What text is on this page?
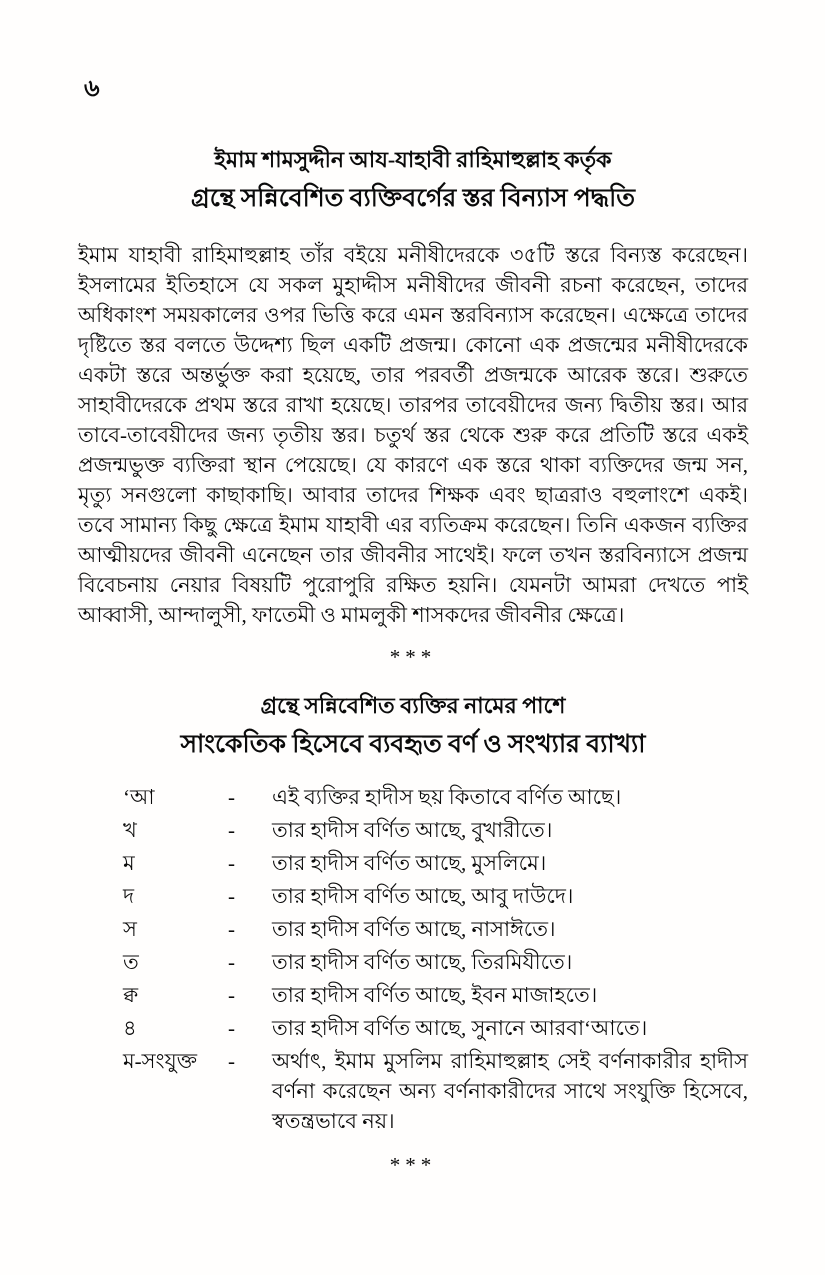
৬
ইমাম শামসুদ্দীন আয-যাহাবী রাহিমাহুল্লাহ কর্তৃক
গ্রন্থে সন্নিবেশিত ব্যক্তিবর্গের স্তর বিন্যাস পদ্ধতি

ইমাম যাহাবী রাহিমাহুল্লাহ তাঁর বইয়ে মনীষীদেরকে ৩৫টি স্তরে বিন্যস্ত করেছেন। ইসলামের ইতিহাসে যে সকল মুহাদ্দীস মনীষীদের জীবনী রচনা করেছেন, তাদের অধিকাংশ সময়কালের ওপর ভিত্তি করে এমন স্তরবিন্যাস করেছেন। এক্ষেত্রে তাদের দৃষ্টিতে স্তর বলতে উদ্দেশ্য ছিল একটি প্রজন্ম। কোনো এক প্রজন্মের মনীষীদেরকে একটা স্তরে অন্তর্ভুক্ত করা হয়েছে, তার পরবর্তী প্রজন্মকে আরেক স্তরে। শুরুতে সাহাবীদেরকে প্রথম স্তরে রাখা হয়েছে। তারপর তাবেয়ীদের জন্য দ্বিতীয় স্তর। আর তাবে-তাবেয়ীদের জন্য তৃতীয় স্তর। চতুর্থ স্তর থেকে শুরু করে প্রতিটি স্তরে একই প্রজন্মভুক্ত ব্যক্তিরা স্থান পেয়েছে। যে কারণে এক স্তরে থাকা ব্যক্তিদের জন্ম সন, মৃত্যু সনগুলো কাছাকাছি। আবার তাদের শিক্ষক এবং ছাত্ররাও বহুলাংশে একই। তবে সামান্য কিছু ক্ষেত্রে ইমাম যাহাবী এর ব্যতিক্রম করেছেন। তিনি একজন ব্যক্তির আত্মীয়দের জীবনী এনেছেন তার জীবনীর সাথেই। ফলে তখন স্তরবিন্যাসে প্রজন্ম বিবেচনায় নেয়ার বিষয়টি পুরোপুরি রক্ষিত হয়নি। যেমনটা আমরা দেখতে পাই আব্বাসী, আন্দালুসী, ফাতেমী ও মামলুকী শাসকদের জীবনীর ক্ষেত্রে।

***
গ্রন্থে সন্নিবেশিত ব্যক্তির নামের পাশে
সাংকেতিক হিসেবে ব্যবহৃত বর্ণ ও সংখ্যার ব্যাখ্যা
‘আ	-	এই ব্যক্তির হাদীস ছয় কিতাবে বর্ণিত আছে।
খ	-	তার হাদীস বর্ণিত আছে, বুখারীতে।
ম	-	তার হাদীস বর্ণিত আছে, মুসলিমে।
দ	-	তার হাদীস বর্ণিত আছে, আবু দাউদে।
স	-	তার হাদীস বর্ণিত আছে, নাসাঈতে।
ত	-	তার হাদীস বর্ণিত আছে, তিরমিযীতে।
ক্ব	-	তার হাদীস বর্ণিত আছে, ইবন মাজাহতে।
৪	-	তার হাদীস বর্ণিত আছে, সুনানে আরবা‘আতে।
ম-সংযুক্ত	-	অর্থাৎ, ইমাম মুসলিম রাহিমাহুল্লাহ সেই বর্ণনাকারীর হাদীস বর্ণনা করেছেন অন্য বর্ণনাকারীদের সাথে সংযুক্তি হিসেবে, স্বতন্ত্রভাবে নয়।
***
